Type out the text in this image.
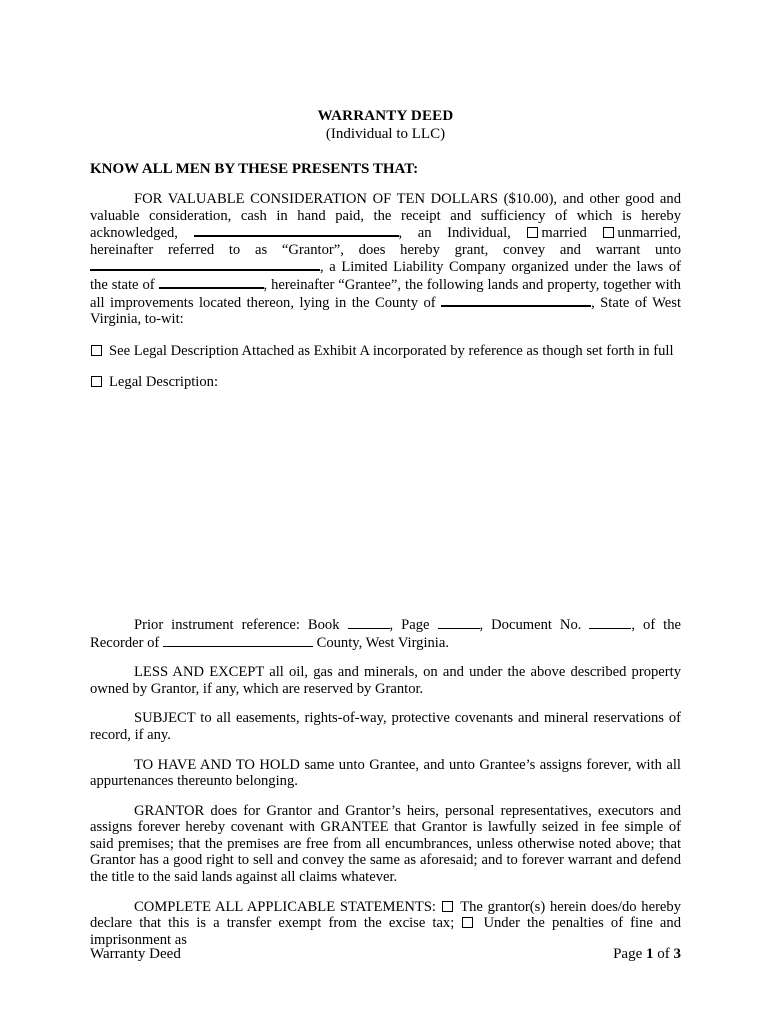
WARRANTY DEED
(Individual to LLC)
KNOW ALL MEN BY THESE PRESENTS THAT:

FOR VALUABLE CONSIDERATION OF TEN DOLLARS ($10.00), and other good and valuable consideration, cash in hand paid, the receipt and sufficiency of which is hereby acknowledged,	, an Individual, married unmarried, hereinafter referred to as “Grantor”, does hereby grant, convey and warrant unto , a Limited Liability Company organized under the laws of the state of	, hereinafter “Grantee”, the following lands and property, together with all improvements located thereon, lying in the County of	, State of West Virginia, to-wit:

See Legal Description Attached as Exhibit A incorporated by reference as though set forth in full
Legal Description:

Prior instrument reference: Book	, Page	, Document No.	, of the Recorder of	County, West Virginia.

LESS AND EXCEPT all oil, gas and minerals, on and under the above described property owned by Grantor, if any, which are reserved by Grantor.

SUBJECT to all easements, rights-of-way, protective covenants and mineral reservations of record, if any.

TO HAVE AND TO HOLD same unto Grantee, and unto Grantee’s assigns forever, with all appurtenances thereunto belonging.

GRANTOR does for Grantor and Grantor’s heirs, personal representatives, executors and assigns forever hereby covenant with GRANTEE that Grantor is lawfully seized in fee simple of said premises; that the premises are free from all encumbrances, unless otherwise noted above; that Grantor has a good right to sell and convey the same as aforesaid; and to forever warrant and defend the title to the said lands against all claims whatever.

COMPLETE ALL APPLICABLE STATEMENTS:  The grantor(s) herein does/do hereby declare that this is a transfer exempt from the excise tax;  Under the penalties of fine and imprisonment as

Warranty Deed	Page 1 of 3
